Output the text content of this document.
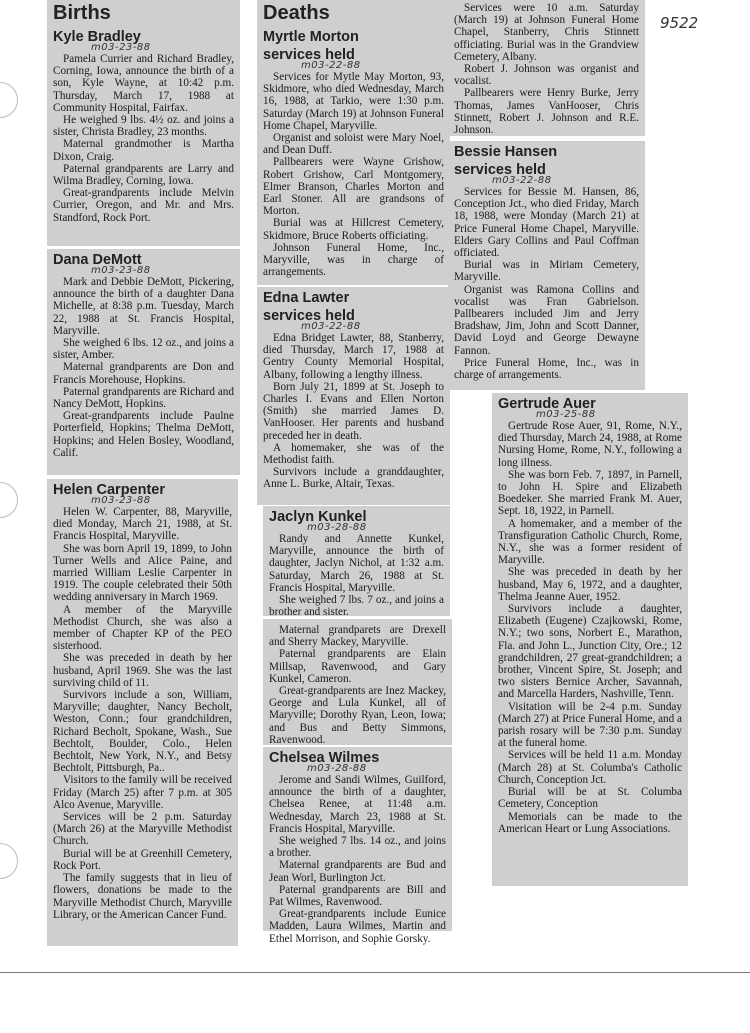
9522
Births
Kyle Bradley
m03-23-88

Pamela Currier and Richard Bradley, Corning, Iowa, announce the birth of a son, Kyle Wayne, at 10:42 p.m. Thursday, March 17, 1988 at Community Hospital, Fairfax.

He weighed 9 lbs. 4½ oz. and joins a sister, Christa Bradley, 23 months.

Maternal grandmother is Martha Dixon, Craig.

Paternal grandparents are Larry and Wilma Bradley, Corning, Iowa.

Great-grandparents include Melvin Currier, Oregon, and Mr. and Mrs. Standford, Rock Port.

Dana DeMott
m03-23-88

Mark and Debbie DeMott, Pickering, announce the birth of a daughter Dana Michelle, at 8:38 p.m. Tuesday, March 22, 1988 at St. Francis Hospital, Maryville.

She weighed 6 lbs. 12 oz., and joins a sister, Amber.

Maternal grandparents are Don and Francis Morehouse, Hopkins.

Paternal grandparents are Richard and Nancy DeMott, Hopkins.

Great-grandparents include Paulne Porterfield, Hopkins; Thelma DeMott, Hopkins; and Helen Bosley, Woodland, Calif.

Helen Carpenter
m03-23-88

Helen W. Carpenter, 88, Maryville, died Monday, March 21, 1988, at St. Francis Hospital, Maryville.

She was born April 19, 1899, to John Turner Wells and Alice Paine, and married William Leslie Carpenter in 1919. The couple celebrated their 50th wedding anniversary in March 1969.

A member of the Maryville Methodist Church, she was also a member of Chapter KP of the PEO sisterhood.

She was preceded in death by her husband, April 1969. She was the last surviving child of 11.

Survivors include a son, William, Maryville; daughter, Nancy Becholt, Weston, Conn.; four grandchildren, Richard Becholt, Spokane, Wash., Sue Bechtolt, Boulder, Colo., Helen Bechtolt, New York, N.Y., and Betsy Bechtolt, Pittsburgh, Pa..

Visitors to the family will be received Friday (March 25) after 7 p.m. at 305 Alco Avenue, Maryville.

Services will be 2 p.m. Saturday (March 26) at the Maryville Methodist Church.

Burial will be at Greenhill Cemetery, Rock Port.

The family suggests that in lieu of flowers, donations be made to the Maryville Methodist Church, Maryville Library, or the American Cancer Fund.

Deaths
Myrtle Morton
services held
m03-22-88

Services for Mytle May Morton, 93, Skidmore, who died Wednesday, March 16, 1988, at Tarkio, were 1:30 p.m. Saturday (March 19) at Johnson Funeral Home Chapel, Maryville.

Organist and soloist were Mary Noel, and Dean Duff.

Pallbearers were Wayne Grishow, Robert Grishow, Carl Montgomery, Elmer Branson, Charles Morton and Earl Stoner. All are grandsons of Morton.

Burial was at Hillcrest Cemetery, Skidmore, Bruce Roberts officiating.

Johnson Funeral Home, Inc., Maryville, was in charge of arrangements.

Edna Lawter
services held
m03-22-88

Edna Bridget Lawter, 88, Stanberry, died Thursday, March 17, 1988 at Gentry County Memorial Hospital, Albany, following a lengthy illness.

Born July 21, 1899 at St. Joseph to Charles I. Evans and Ellen Norton (Smith) she married James D. VanHooser. Her parents and husband preceded her in death.

A homemaker, she was of the Methodist faith.

Survivors include a granddaughter, Anne L. Burke, Altair, Texas.

Services were 10 a.m. Saturday (March 19) at Johnson Funeral Home Chapel, Stanberry, Chris Stinnett officiating. Burial was in the Grandview Cemetery, Albany.

Robert J. Johnson was organist and vocalist.

Pallbearers were Henry Burke, Jerry Thomas, James VanHooser, Chris Stinnett, Robert J. Johnson and R.E. Johnson.

Bessie Hansen
services held
m03-22-88

Services for Bessie M. Hansen, 86, Conception Jct., who died Friday, March 18, 1988, were Monday (March 21) at Price Funeral Home Chapel, Maryville. Elders Gary Collins and Paul Coffman officiated.

Burial was in Miriam Cemetery, Maryville.

Organist was Ramona Collins and vocalist was Fran Gabrielson. Pallbearers included Jim and Jerry Bradshaw, Jim, John and Scott Danner, David Loyd and George Dewayne Fannon.

Price Funeral Home, Inc., was in charge of arrangements.

Jaclyn Kunkel
m03-28-88

Randy and Annette Kunkel, Maryville, announce the birth of daughter, Jaclyn Nichol, at 1:32 a.m. Saturday, March 26, 1988 at St. Francis Hospital, Maryville.

She weighed 7 lbs. 7 oz., and joins a brother and sister.

Maternal grandparets are Drexell and Sherry Mackey, Maryville.

Paternal grandparents are Elain Millsap, Ravenwood, and Gary Kunkel, Cameron.

Great-grandparents are Inez Mackey, George and Lula Kunkel, all of Maryville; Dorothy Ryan, Leon, Iowa; and Bus and Betty Simmons, Ravenwood.

Chelsea Wilmes
m03-28-88

Jerome and Sandi Wilmes, Guilford, announce the birth of a daughter, Chelsea Renee, at 11:48 a.m. Wednesday, March 23, 1988 at St. Francis Hospital, Maryville.

She weighed 7 lbs. 14 oz., and joins a brother.

Maternal grandparents are Bud and Jean Worl, Burlington Jct.

Paternal grandparents are Bill and Pat Wilmes, Ravenwood.

Great-grandparents include Eunice Madden, Laura Wilmes, Martin and Ethel Morrison, and Sophie Gorsky.

Gertrude Auer
m03-25-88

Gertrude Rose Auer, 91, Rome, N.Y., died Thursday, March 24, 1988, at Rome Nursing Home, Rome, N.Y., following a long illness.

She was born Feb. 7, 1897, in Parnell, to John H. Spire and Elizabeth Boedeker. She married Frank M. Auer, Sept. 18, 1922, in Parnell.

A homemaker, and a member of the Transfiguration Catholic Church, Rome, N.Y., she was a former resident of Maryville.

She was preceded in death by her husband, May 6, 1972, and a daughter, Thelma Jeanne Auer, 1952.

Survivors include a daughter, Elizabeth (Eugene) Czajkowski, Rome, N.Y.; two sons, Norbert E., Marathon, Fla. and John L., Junction City, Ore.; 12 grandchildren, 27 great-grandchildren; a brother, Vincent Spire, St. Joseph; and two sisters Bernice Archer, Savannah, and Marcella Harders, Nashville, Tenn.

Visitation will be 2-4 p.m. Sunday (March 27) at Price Funeral Home, and a parish rosary will be 7:30 p.m. Sunday at the funeral home.

Services will be held 11 a.m. Monday (March 28) at St. Columba's Catholic Church, Conception Jct.

Burial will be at St. Columba Cemetery, Conception

Memorials can be made to the American Heart or Lung Associations.
